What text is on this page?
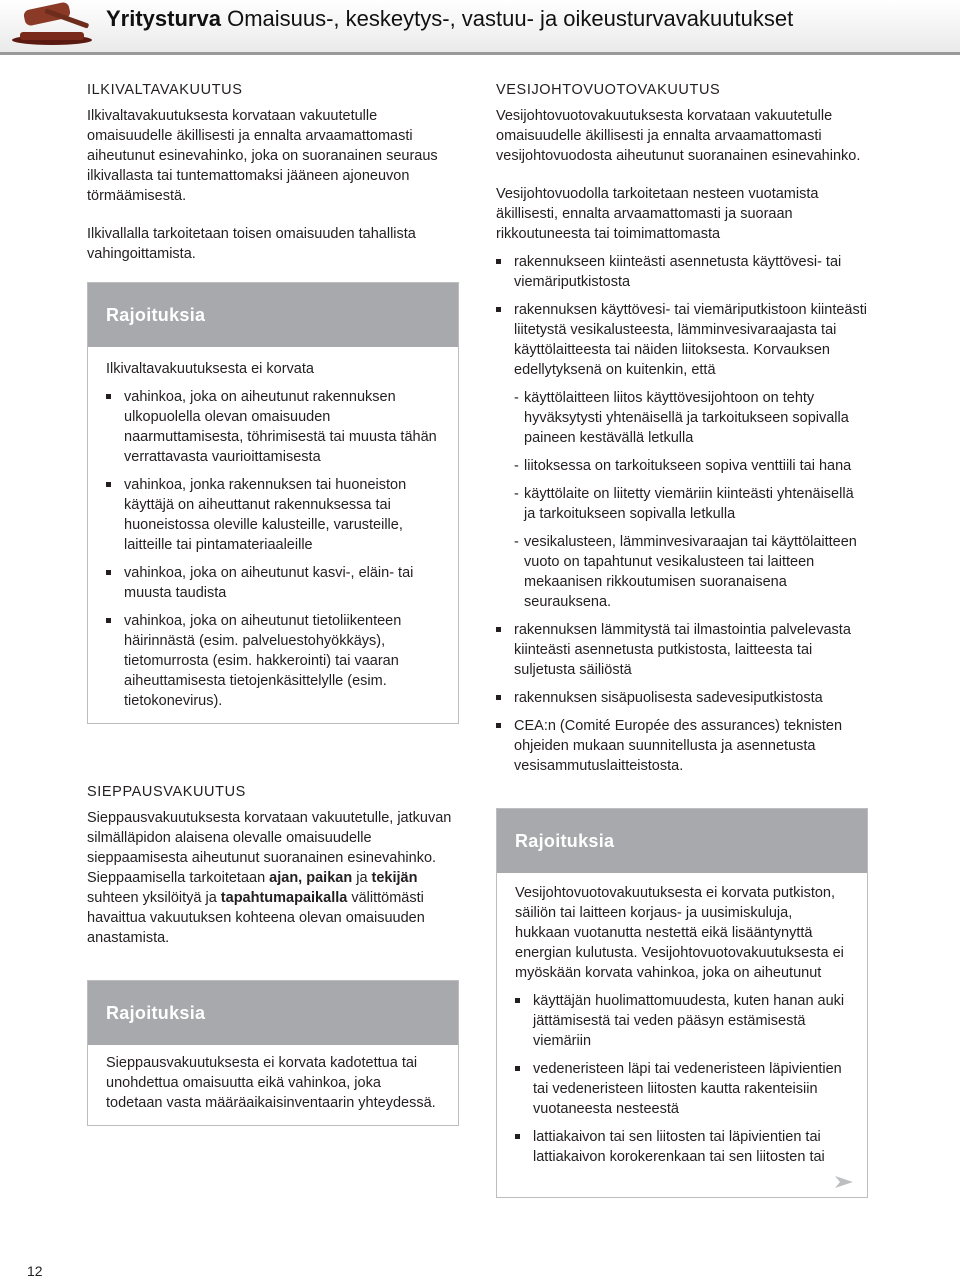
Yritysturva Omaisuus-, keskeytys-, vastuu- ja oikeusturvavakuutukset
ILKIVALTAVAKUUTUS

Ilkivaltavakuutuksesta korvataan vakuutetulle omaisuudelle äkillisesti ja ennalta arvaamattomasti aiheutunut esinevahinko, joka on suoranainen seuraus ilkivallasta tai tuntemattomaksi jääneen ajoneuvon törmäämisestä.

Ilkivallalla tarkoitetaan toisen omaisuuden tahallista vahingoittamista.

Rajoituksia

Ilkivaltavakuutuksesta ei korvata

vahinkoa, joka on aiheutunut rakennuksen ulkopuolella olevan omaisuuden naarmuttamisesta, töhrimisestä tai muusta tähän verrattavasta vaurioittamisesta
vahinkoa, jonka rakennuksen tai huoneiston käyttäjä on aiheuttanut rakennuksessa tai huoneistossa oleville kalusteille, varusteille, laitteille tai pintamateriaaleille
vahinkoa, joka on aiheutunut kasvi-, eläin- tai muusta taudista
vahinkoa, joka on aiheutunut tietoliikenteen häirinnästä (esim. palveluestohyökkäys), tietomurrosta (esim. hakkerointi) tai vaaran aiheuttamisesta tietojenkäsittelylle (esim. tietokonevirus).
SIEPPAUSVAKUUTUS

Sieppausvakuutuksesta korvataan vakuutetulle, jatkuvan silmälläpidon alaisena olevalle omaisuudelle sieppaamisesta aiheutunut suoranainen esinevahinko.

Sieppaamisella tarkoitetaan ajan, paikan ja tekijän suhteen yksilöityä ja tapahtumapaikalla välittömästi havaittua vakuutuksen kohteena olevan omaisuuden anastamista.

Rajoituksia

Sieppausvakuutuksesta ei korvata kadotettua tai unohdettua omaisuutta eikä vahinkoa, joka todetaan vasta määräaikaisinventaarin yhteydessä.

VESIJOHTOVUOTOVAKUUTUS

Vesijohtovuotovakuutuksesta korvataan vakuutetulle omaisuudelle äkillisesti ja ennalta arvaamattomasti vesijohtovuodosta aiheutunut suoranainen esinevahinko.

Vesijohtovuodolla tarkoitetaan nesteen vuotamista äkillisesti, ennalta arvaamattomasti ja suoraan rikkoutuneesta tai toimimattomasta

rakennukseen kiinteästi asennetusta käyttövesi- tai viemäriputkistosta
rakennuksen käyttövesi- tai viemäriputkistoon kiinteästi liitetystä vesikalusteesta, lämminvesivaraajasta tai käyttölaitteesta tai näiden liitoksesta. Korvauksen edellytyksenä on kuitenkin, että
- käyttölaitteen liitos käyttövesijohtoon on tehty hyväksytysti yhtenäisellä ja tarkoitukseen sopivalla paineen kestävällä letkulla
- liitoksessa on tarkoitukseen sopiva venttiili tai hana
- käyttölaite on liitetty viemäriin kiinteästi yhtenäisellä ja tarkoitukseen sopivalla letkulla
- vesikalusteen, lämminvesivaraajan tai käyttölaitteen vuoto on tapahtunut vesikalusteen tai laitteen mekaanisen rikkoutumisen suoranaisena seurauksena.
rakennuksen lämmitystä tai ilmastointia palvelevasta kiinteästi asennetusta putkistosta, laitteesta tai suljetusta säiliöstä
rakennuksen sisäpuolisesta sadevesiputkistosta
CEA:n (Comité Européе des assurances) teknisten ohjeiden mukaan suunnitellusta ja asennetusta vesisammutuslaitteistosta.
Rajoituksia

Vesijohtovuotovakuutuksesta ei korvata putkiston, säiliön tai laitteen korjaus- ja uusimiskuluja, hukkaan vuotanutta nestettä eikä lisääntynyttä energian kulutusta. Vesijohtovuotovakuutuksesta ei myöskään korvata vahinkoa, joka on aiheutunut

käyttäjän huolimattomuudesta, kuten hanan auki jättämisestä tai veden pääsyn estämisestä viemäriin
vedeneristeen läpi tai vedeneristeen läpivientien tai vedeneristeen liitosten kautta rakenteisiin vuotaneesta nesteestä
lattiakaivon tai sen liitosten tai läpivientien tai lattiakaivon korokerenkaan tai sen liitosten tai
12
